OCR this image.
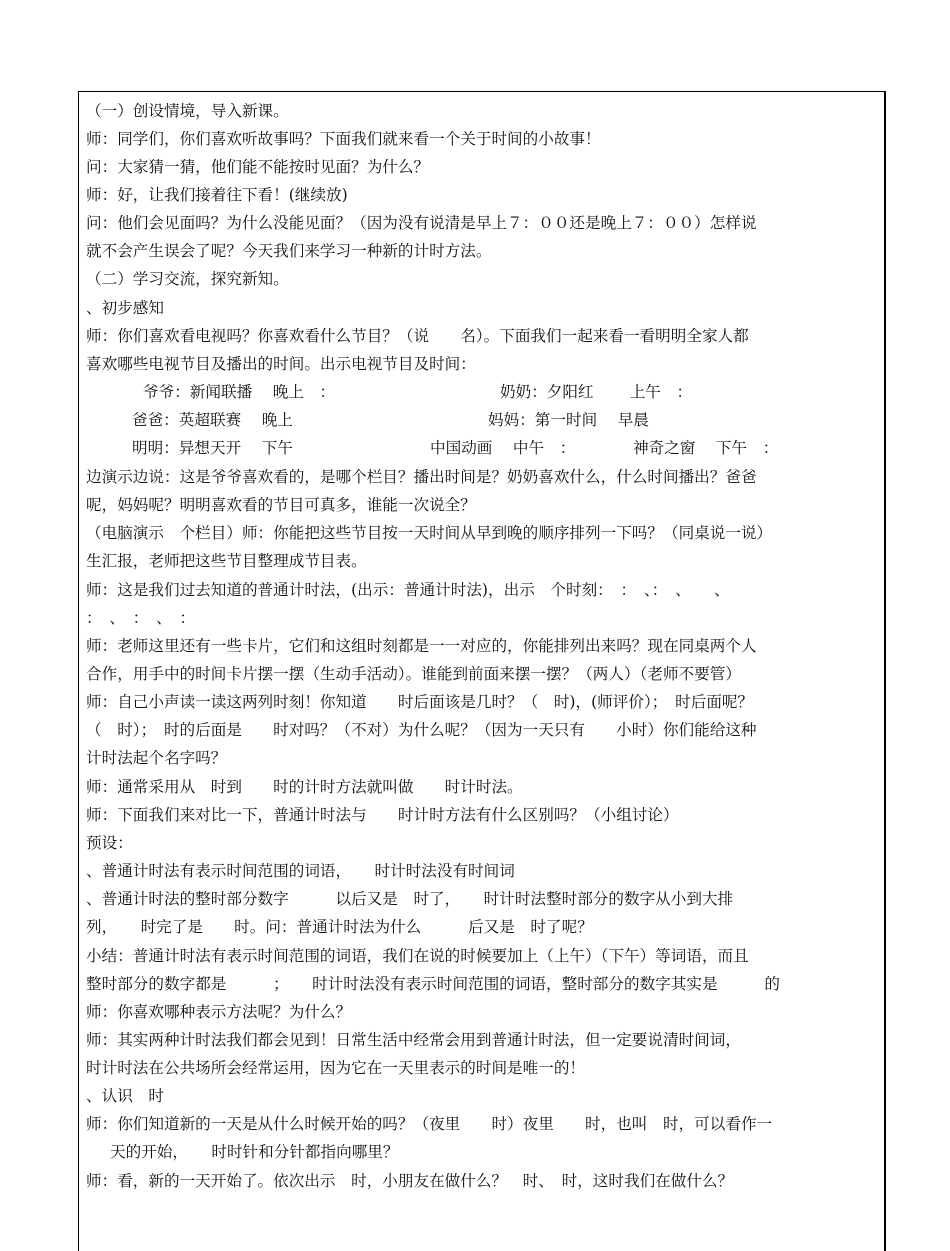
（一）创设情境，导入新课。
师：同学们，你们喜欢听故事吗？下面我们就来看一个关于时间的小故事！
问：大家猜一猜，他们能不能按时见面？为什么？
师：好，让我们接着往下看！(继续放)
问：他们会见面吗？为什么没能见面？（因为没有说清是早上７：００还是晚上７：００）怎样说
就不会产生误会了呢？今天我们来学习一种新的计时方法。
（二）学习交流，探究新知。
、初步感知
师：你们喜欢看电视吗？你喜欢看什么节目？（说　　名）。下面我们一起来看一看明明全家人都
喜欢哪些电视节目及播出的时间。出示电视节目及时间：
爷爷：新闻联播　 晚上　：	奶奶：夕阳红　　 上午　：
爸爸：英超联赛　 晚上	妈妈：第一时间　 早晨
明明：异想天开　 下午	中国动画　 中午　：	神奇之窗　 下午　：
边演示边说：这是爷爷喜欢看的，是哪个栏目？播出时间是？奶奶喜欢什么，什么时间播出？爸爸
呢，妈妈呢？明明喜欢看的节目可真多，谁能一次说全？
（电脑演示　个栏目）师：你能把这些节目按一天时间从早到晚的顺序排列一下吗？（同桌说一说）
生汇报，老师把这些节目整理成节目表。
师：这是我们过去知道的普通计时法，(出示：普通计时法)，出示　个时刻：　：　、：　、　　、
：　、　：　、　：
师：老师这里还有一些卡片，它们和这组时刻都是一一对应的，你能排列出来吗？现在同桌两个人
合作，用手中的时间卡片摆一摆（生动手活动）。谁能到前面来摆一摆？（两人）（老师不要管）
师：自己小声读一读这两列时刻！你知道　　时后面该是几时？（　时)，(师评价）；　时后面呢？
（　时）；　时的后面是　　时对吗？（不对）为什么呢？（因为一天只有　　小时）你们能给这种
计时法起个名字吗？
师：通常采用从　时到　　时的计时方法就叫做　　时计时法。
师：下面我们来对比一下，普通计时法与　　时计时方法有什么区别吗？（小组讨论）
预设：
、普通计时法有表示时间范围的词语，　　时计时法没有时间词
、普通计时法的整时部分数字　　　以后又是　时了，　　时计时法整时部分的数字从小到大排
列，　　时完了是　　时。问：普通计时法为什么　　　后又是　时了呢？
小结：普通计时法有表示时间范围的词语，我们在说的时候要加上（上午）（下午）等词语，而且
整时部分的数字都是　　　；　　时计时法没有表示时间范围的词语，整时部分的数字其实是　　　的
师：你喜欢哪种表示方法呢？为什么？
师：其实两种计时法我们都会见到！日常生活中经常会用到普通计时法，但一定要说清时间词，
时计时法在公共场所会经常运用，因为它在一天里表示的时间是唯一的！
、认识　时
师：你们知道新的一天是从什么时候开始的吗？（夜里　　时）夜里　　时，也叫　时，可以看作一
天的开始，　　时时针和分针都指向哪里？
师：看，新的一天开始了。依次出示　时，小朋友在做什么？　时、　时，这时我们在做什么？
